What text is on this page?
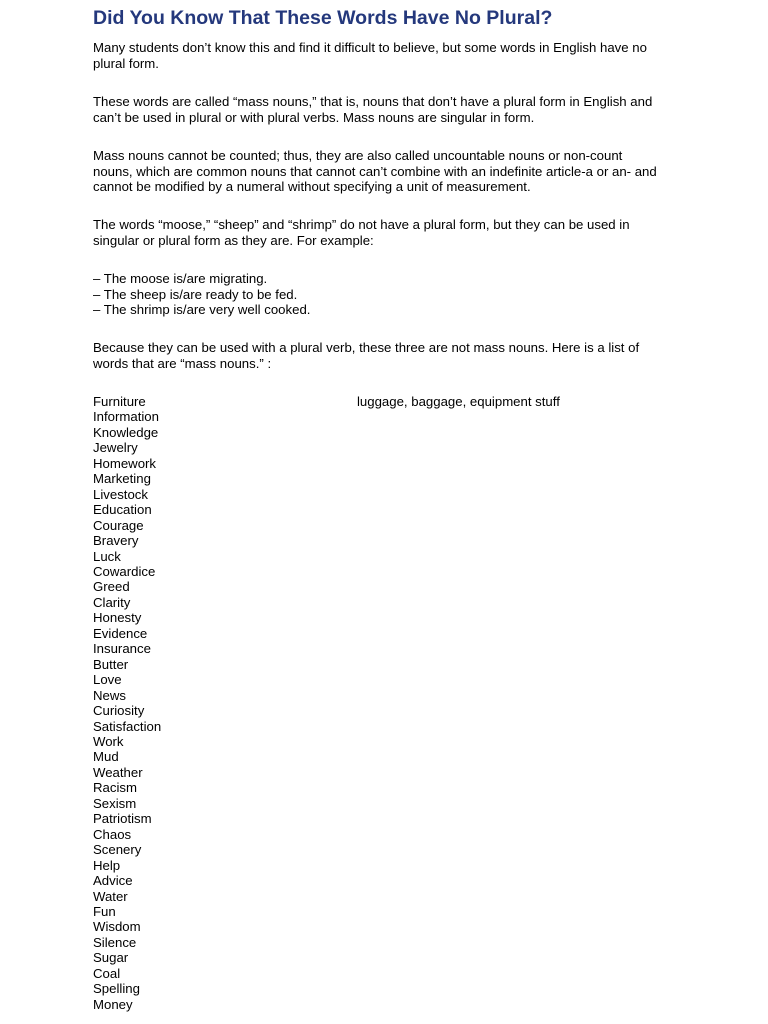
Did You Know That These Words Have No Plural?

Many students don’t know this and find it difficult to believe, but some words in English have no
plural form.

These words are called “mass nouns,” that is, nouns that don’t have a plural form in English and
can’t be used in plural or with plural verbs. Mass nouns are singular in form.

Mass nouns cannot be counted; thus, they are also called uncountable nouns or non-count
nouns, which are common nouns that cannot can’t combine with an indefinite article-a or an- and
cannot be modified by a numeral without specifying a unit of measurement.

The words “moose,” “sheep” and “shrimp” do not have a plural form, but they can be used in
singular or plural form as they are. For example:

– The moose is/are migrating.
– The sheep is/are ready to be fed.
– The shrimp is/are very well cooked.

Because they can be used with a plural verb, these three are not mass nouns. Here is a list of
words that are “mass nouns.” :

Furniture
Information
Knowledge
Jewelry
Homework
Marketing
Livestock
Education
Courage
Bravery
Luck
Cowardice
Greed
Clarity
Honesty
Evidence
Insurance
Butter
Love
News
Curiosity
Satisfaction
Work
Mud
Weather
Racism
Sexism
Patriotism
Chaos
Scenery
Help
Advice
Water
Fun
Wisdom
Silence
Sugar
Coal
Spelling
Money
luggage, baggage, equipment stuff
